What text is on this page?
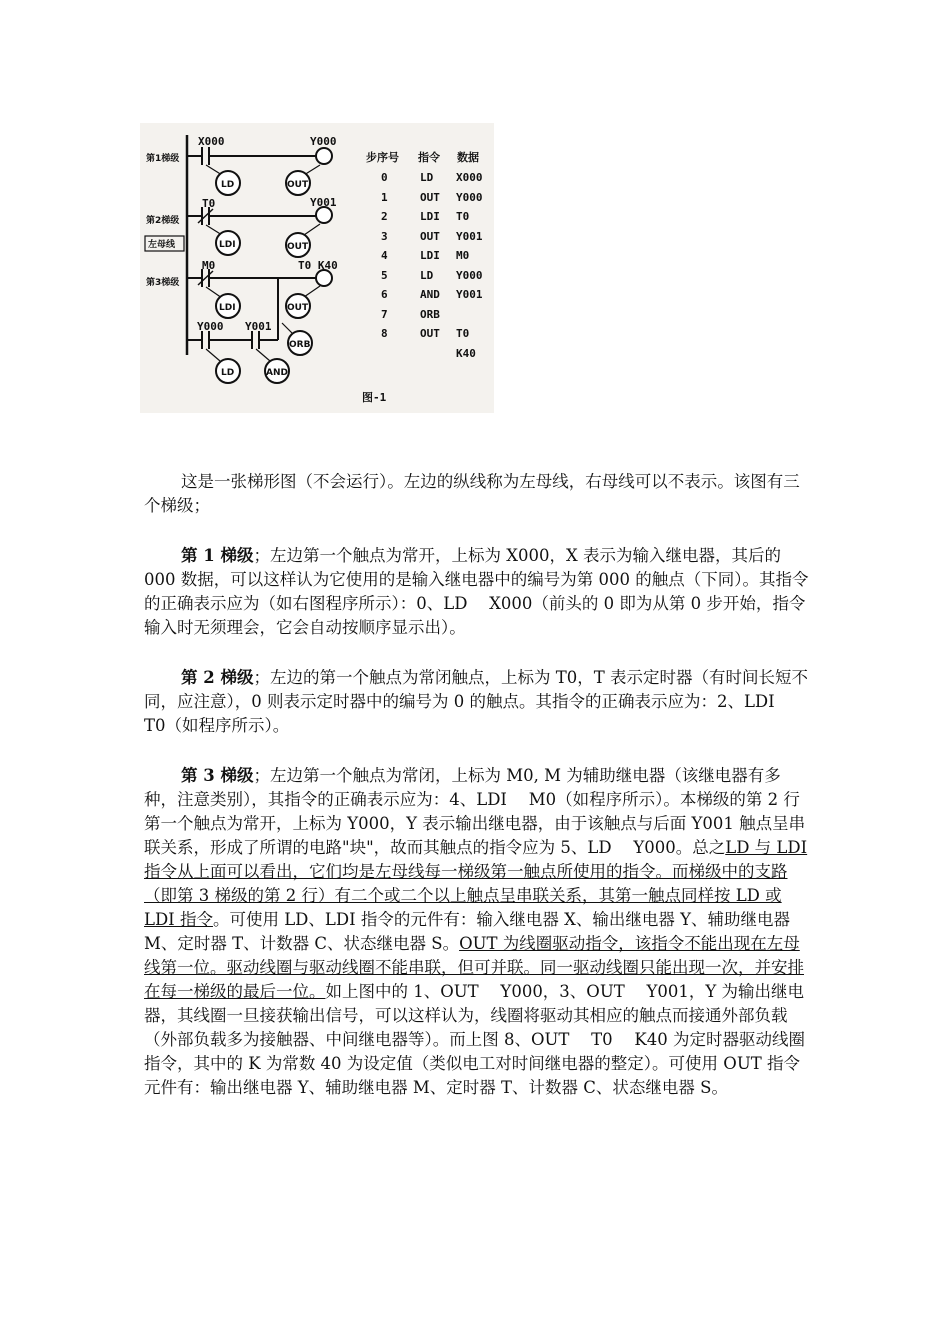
第1梯级
第2梯级
左母线
第3梯级
X000	Y000
LD	OUT
T0	Y001
LDI	OUT
M0	T0 K40
LDI	OUT
Y000 Y001
LD	AND
ORB
步序号 指令 数据
0	LD X000
1	OUT Y000
2	LDI T0
3	OUT Y001
4	LDI M0
5	LD Y000
6	AND Y001
7	ORB
8	OUT T0
K40
图-1

这是一张梯形图（不会运行）。左边的纵线称为左母线，右母线可以不表示。该图有三个梯级；

第 1 梯级；左边第一个触点为常开，上标为 X000，X 表示为输入继电器，其后的 000 数据，可以这样认为它使用的是输入继电器中的编号为第 000 的触点（下同）。其指令的正确表示应为（如右图程序所示）：0、LD　 X000（前头的 0 即为从第 0 步开始，指令输入时无须理会，它会自动按顺序显示出）。

第 2 梯级；左边的第一个触点为常闭触点，上标为 T0，T 表示定时器（有时间长短不同，应注意），0 则表示定时器中的编号为 0 的触点。其指令的正确表示应为：2、LDI　　T0（如程序所示）。

第 3 梯级；左边第一个触点为常闭，上标为 M0, M 为辅助继电器（该继电器有多种，注意类别），其指令的正确表示应为：4、LDI　 M0（如程序所示）。本梯级的第 2 行第一个触点为常开，上标为 Y000，Y 表示输出继电器，由于该触点与后面 Y001 触点呈串联关系，形成了所谓的电路"块"，故而其触点的指令应为 5、LD　 Y000。总之LD 与 LDI 指令从上面可以看出，它们均是左母线每一梯级第一触点所使用的指令。而梯级中的支路（即第 3 梯级的第 2 行）有二个或二个以上触点呈串联关系，其第一触点同样按 LD 或 LDI 指令。可使用 LD、LDI 指令的元件有：输入继电器 X、输出继电器 Y、辅助继电器 M、定时器 T、计数器 C、状态继电器 S。OUT 为线圈驱动指令，该指令不能出现在左母线第一位。驱动线圈与驱动线圈不能串联，但可并联。同一驱动线圈只能出现一次，并安排在每一梯级的最后一位。如上图中的 1、OUT　 Y000，3、OUT　 Y001，Y 为输出继电器，其线圈一旦接获输出信号，可以这样认为，线圈将驱动其相应的触点而接通外部负载（外部负载多为接触器、中间继电器等）。而上图 8、OUT　 T0　 K40 为定时器驱动线圈指令，其中的 K 为常数 40 为设定值（类似电工对时间继电器的整定）。可使用 OUT 指令元件有：输出继电器 Y、辅助继电器 M、定时器 T、计数器 C、状态继电器 S。
